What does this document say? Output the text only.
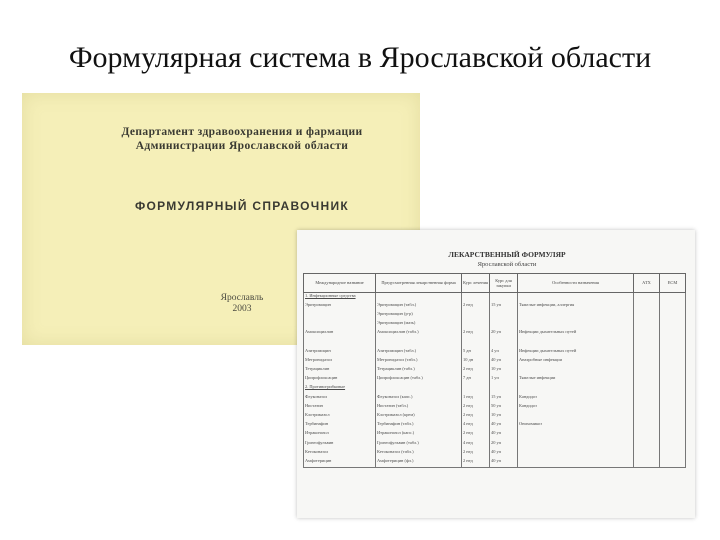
Формулярная система в Ярославской области
Департамент здравоохранения и фармации
Администрации Ярославской области
ФОРМУЛЯРНЫЙ СПРАВОЧНИК
Ярославль
2003
ЛЕКАРСТВЕННЫЙ ФОРМУЛЯР
Ярославской области
Международное название	Предусмотренная лекарственная форма	Курс лечения	Курс для закупки	Особенности назначения	АТХ	ЕСМ
1. Инфекционные средства						
Эритромицин	Эритромицин (табл.)	2 нед	15 уп	Тяжелые инфекции, аллергия		
	Эритромицин (р-р)					
	Эритромицин (мазь)					
Амоксициллин	Амоксициллин (табл.)	2 нед	20 уп	Инфекции дыхательных путей		

Азитромицин	Азитромицин (табл.)	5 дн	4 уп	Инфекции дыхательных путей		
Метронидазол	Метронидазол (табл.)	10 дн	40 уп	Анаэробные инфекции		
Тетрациклин	Тетрациклин (табл.)	2 нед	10 уп			
Ципрофлоксацин	Ципрофлоксацин (табл.)	7 дн	1 уп	Тяжелые инфекции		
2. Противогрибковые						
Флуконазол	Флуконазол (капс.)	1 нед	15 уп	Кандидоз		
Нистатин	Нистатин (табл.)	2 нед	50 уп	Кандидоз		
Клотримазол	Клотримазол (крем)	2 нед	10 уп			
Тербинафин	Тербинафин (табл.)	4 нед	40 уп	Онихомикоз		
Итраконазол	Итраконазол (капс.)	2 нед	40 уп			
Гризеофульвин	Гризеофульвин (табл.)	4 нед	20 уп			
Кетоконазол	Кетоконазол (табл.)	2 нед	40 уп			
Амфотерицин	Амфотерицин (фл.)	2 нед	40 уп			
